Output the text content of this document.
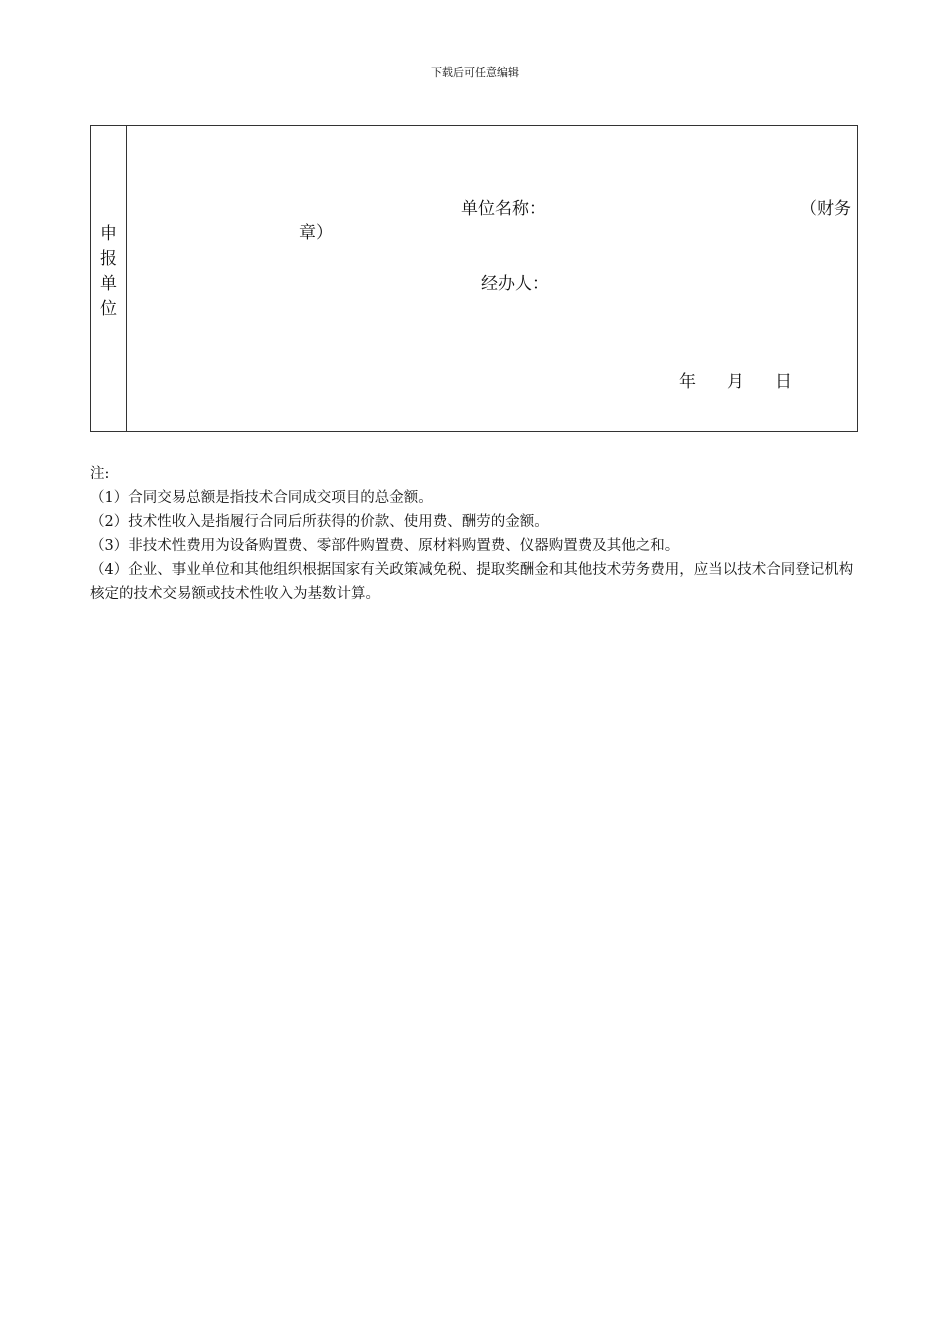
下载后可任意编辑
申
报
单
位
单位名称：	（财务
章）
经办人：
年 月 日

注:

（1）合同交易总额是指技术合同成交项目的总金额。

（2）技术性收入是指履行合同后所获得的价款、使用费、酬劳的金额。

（3）非技术性费用为设备购置费、零部件购置费、原材料购置费、仪器购置费及其他之和。

（4）企业、事业单位和其他组织根据国家有关政策减免税、提取奖酬金和其他技术劳务费用，应当以技术合同登记机构核定的技术交易额或技术性收入为基数计算。
